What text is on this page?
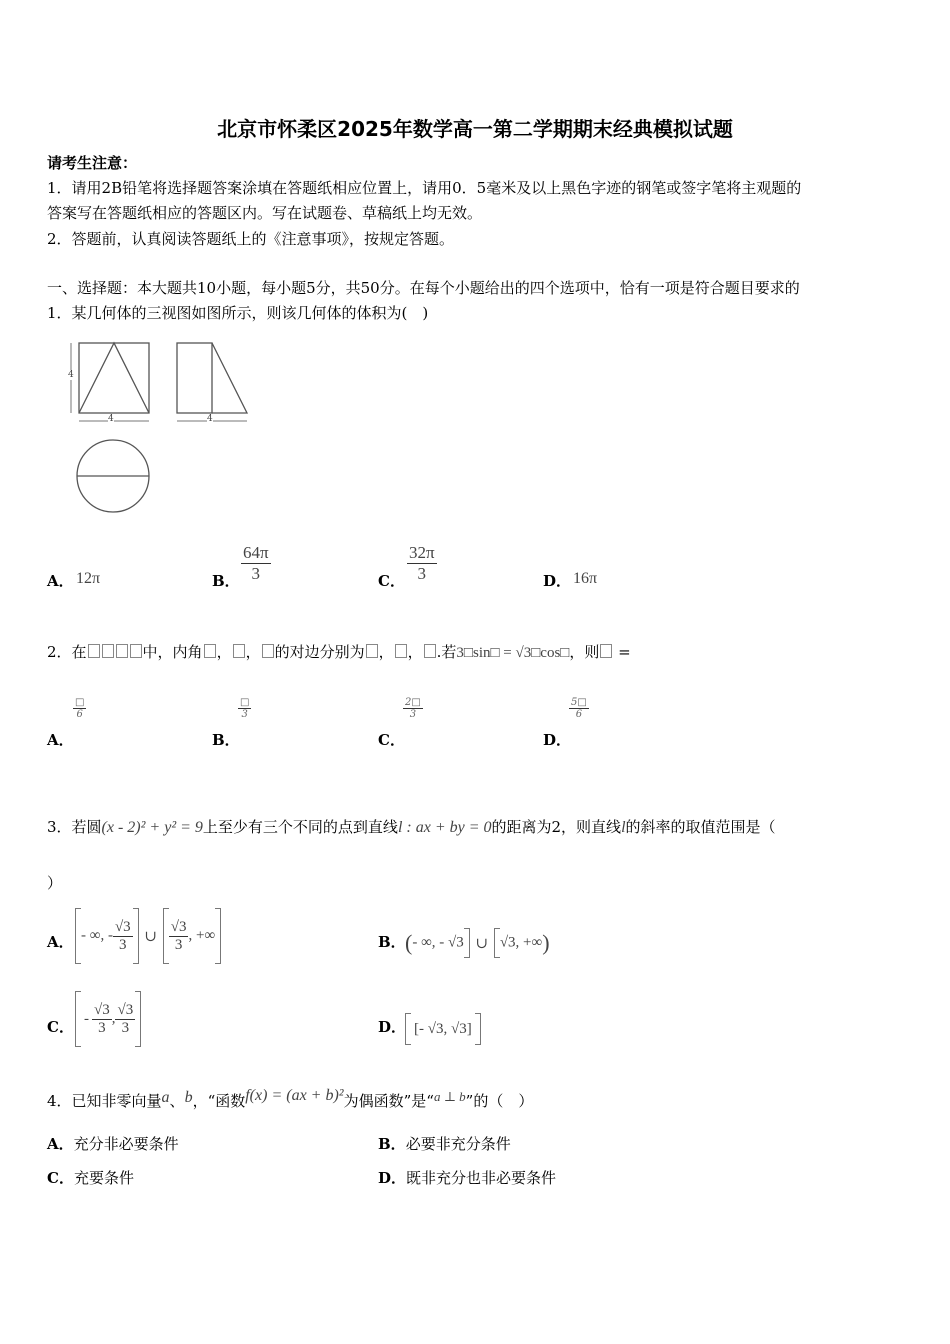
北京市怀柔区2025年数学高一第二学期期末经典模拟试题
请考生注意：
1．请用2B铅笔将选择题答案涂填在答题纸相应位置上，请用0．5毫米及以上黑色字迹的钢笔或签字笔将主观题的
答案写在答题纸相应的答题区内。写在试题卷、草稿纸上均无效。
2．答题前，认真阅读答题纸上的《注意事项》，按规定答题。
一、选择题：本大题共10小题，每小题5分，共50分。在每个小题给出的四个选项中，恰有一项是符合题目要求的
1．某几何体的三视图如图所示，则该几何体的体积为(　)
4
4	4
A． 12π	B． $\frac{64\pi}{3}$	C． $\frac{32\pi}{3}$	D． 16π
2．在	中，内角 ， ， 的对边分别为 ， ， .若3□sin□ = √3□cos□，则 =
A．
□
6
B．
□
3
C．
$\frac{2□}{3}$
D．
$\frac{5□}{6}$
3．若圆(x - 2)² + y² = 9上至少有三个不同的点到直线l : ax + by = 0的距离为2，则直线l的斜率的取值范围是（
）
A． - ∞, - $\frac{√3}{3}$ ∪ $\frac{√3}{3}$ , +∞	B． (- ∞, - √3 ∪ √3, +∞)
C． - $\frac{√3}{3}$ , $\frac{√3}{3}$	D． [- √3, √3]
4．已知非零向量a、b，“函数f(x) = (ax + b)²为偶函数”是“a ⊥ b”的（　）
A．充分非必要条件	B．必要非充分条件
C．充要条件	D．既非充分也非必要条件
